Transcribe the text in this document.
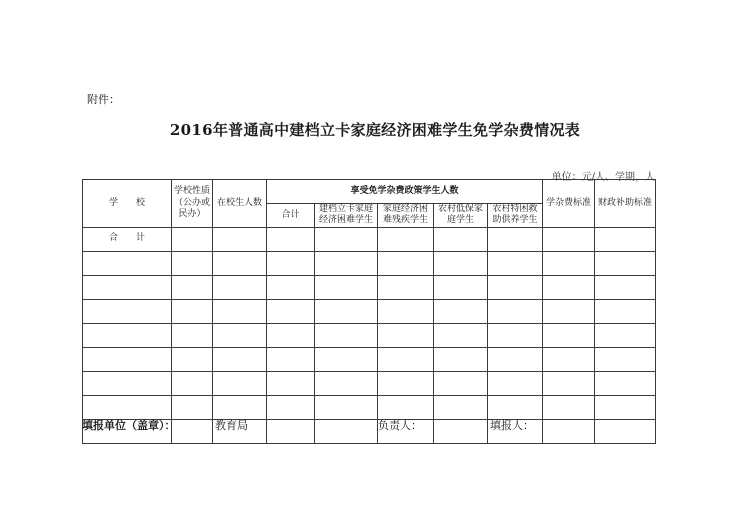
附件：
2016年普通高中建档立卡家庭经济困难学生免学杂费情况表
单位：元/人、学期，人
学　　校	学校性质（公办或民办）	在校生人数	享受免学杂费政策学生人数					学杂费标准	财政补助标准
			合计	建档立卡家庭经济困难学生	家庭经济困难残疾学生	农村低保家庭学生	农村特困救助供养学生		
合　　计									

填报单位（盖章）：	教育局	负责人：	填报人：
